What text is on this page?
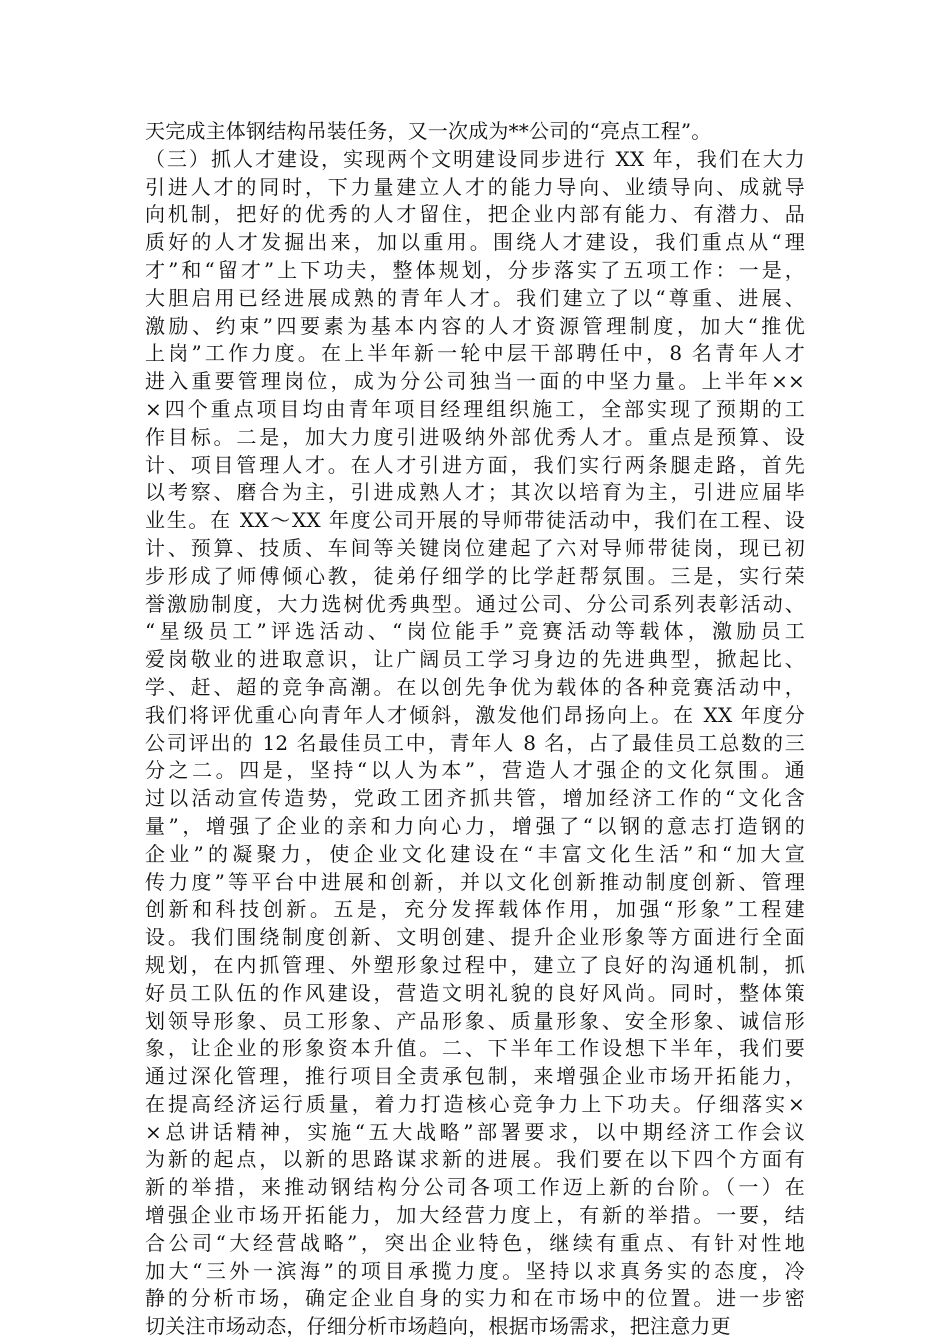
天完成主体钢结构吊装任务，又一次成为**公司的“亮点工程”。
（三）抓人才建设，实现两个文明建设同步进行 XX 年，我们在大力
引进人才的同时，下力量建立人才的能力导向、业绩导向、成就导
向机制，把好的优秀的人才留住，把企业内部有能力、有潜力、品
质好的人才发掘出来，加以重用。围绕人才建设，我们重点从“理
才”和“留才”上下功夫，整体规划，分步落实了五项工作：一是，
大胆启用已经进展成熟的青年人才。我们建立了以“尊重、进展、
激励、约束”四要素为基本内容的人才资源管理制度，加大“推优
上岗”工作力度。在上半年新一轮中层干部聘任中，8 名青年人才
进入重要管理岗位，成为分公司独当一面的中坚力量。上半年××
×四个重点项目均由青年项目经理组织施工，全部实现了预期的工
作目标。二是，加大力度引进吸纳外部优秀人才。重点是预算、设
计、项目管理人才。在人才引进方面，我们实行两条腿走路，首先
以考察、磨合为主，引进成熟人才；其次以培育为主，引进应届毕
业生。在 XX～XX 年度公司开展的导师带徒活动中，我们在工程、设
计、预算、技质、车间等关键岗位建起了六对导师带徒岗，现已初
步形成了师傅倾心教，徒弟仔细学的比学赶帮氛围。三是，实行荣
誉激励制度，大力选树优秀典型。通过公司、分公司系列表彰活动、
“星级员工”评选活动、“岗位能手”竞赛活动等载体，激励员工
爱岗敬业的进取意识，让广阔员工学习身边的先进典型，掀起比、
学、赶、超的竞争高潮。在以创先争优为载体的各种竞赛活动中，
我们将评优重心向青年人才倾斜，激发他们昂扬向上。在 XX 年度分
公司评出的 12 名最佳员工中，青年人 8 名，占了最佳员工总数的三
分之二。四是，坚持“以人为本”，营造人才强企的文化氛围。通
过以活动宣传造势，党政工团齐抓共管，增加经济工作的“文化含
量”，增强了企业的亲和力向心力，增强了“以钢的意志打造钢的
企业”的凝聚力，使企业文化建设在“丰富文化生活”和“加大宣
传力度”等平台中进展和创新，并以文化创新推动制度创新、管理
创新和科技创新。五是，充分发挥载体作用，加强“形象”工程建
设。我们围绕制度创新、文明创建、提升企业形象等方面进行全面
规划，在内抓管理、外塑形象过程中，建立了良好的沟通机制，抓
好员工队伍的作风建设，营造文明礼貌的良好风尚。同时，整体策
划领导形象、员工形象、产品形象、质量形象、安全形象、诚信形
象，让企业的形象资本升值。二、下半年工作设想下半年，我们要
通过深化管理，推行项目全责承包制，来增强企业市场开拓能力，
在提高经济运行质量，着力打造核心竞争力上下功夫。仔细落实×
×总讲话精神，实施“五大战略”部署要求，以中期经济工作会议
为新的起点，以新的思路谋求新的进展。我们要在以下四个方面有
新的举措，来推动钢结构分公司各项工作迈上新的台阶。（一）在
增强企业市场开拓能力，加大经营力度上，有新的举措。一要，结
合公司“大经营战略”，突出企业特色，继续有重点、有针对性地
加大“三外一滨海”的项目承揽力度。坚持以求真务实的态度，冷
静的分析市场，确定企业自身的实力和在市场中的位置。进一步密
切关注市场动态，仔细分析市场趋向，根据市场需求，把注意力更
